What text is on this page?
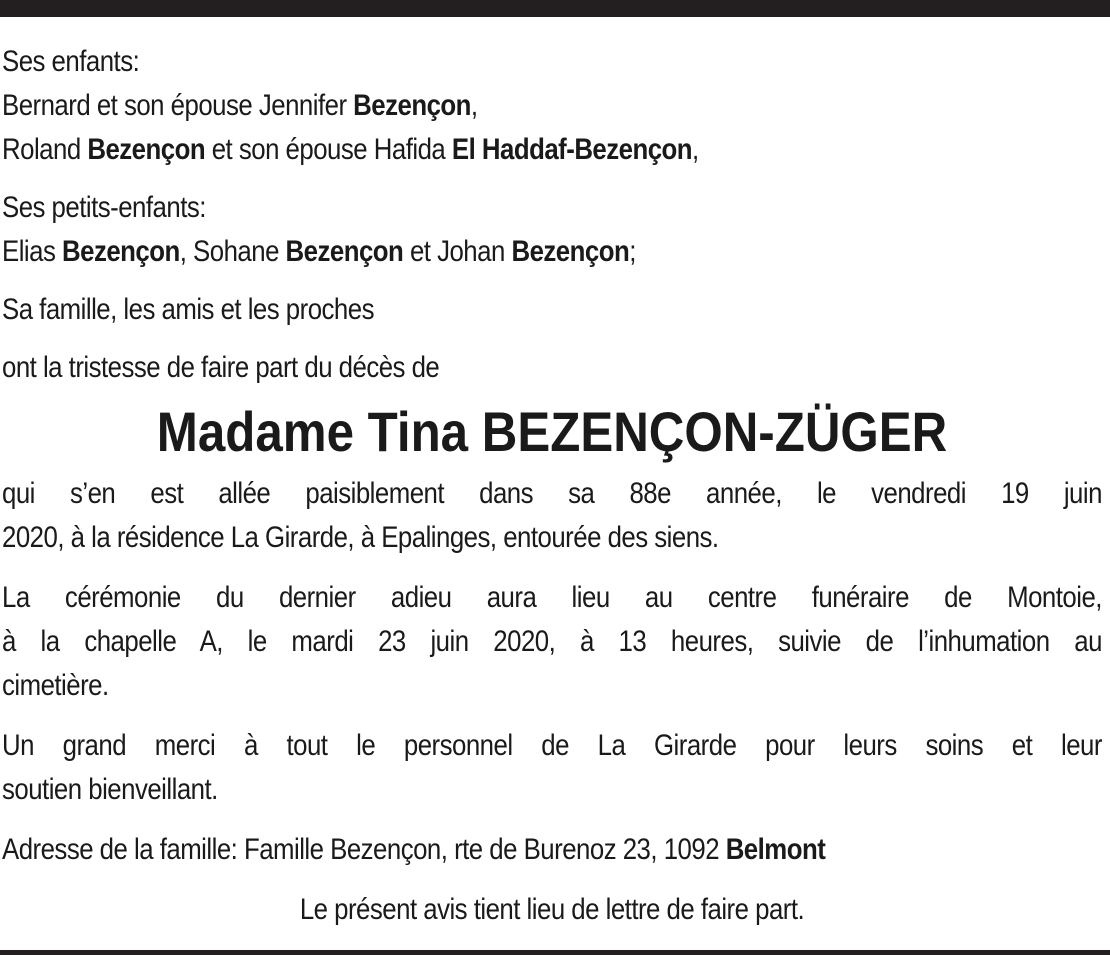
Ses enfants:
Bernard et son épouse Jennifer Bezençon,
Roland Bezençon et son épouse Hafida El Haddaf-Bezençon,
Ses petits-enfants:
Elias Bezençon, Sohane Bezençon et Johan Bezençon;
Sa famille, les amis et les proches
ont la tristesse de faire part du décès de
Madame Tina BEZENÇON-ZÜGER
qui s’en est allée paisiblement dans sa 88e année, le vendredi 19 juin
2020, à la résidence La Girarde, à Epalinges, entourée des siens.
La cérémonie du dernier adieu aura lieu au centre funéraire de Montoie,
à la chapelle A, le mardi 23 juin 2020, à 13 heures, suivie de l’inhumation au
cimetière.
Un grand merci à tout le personnel de La Girarde pour leurs soins et leur
soutien bienveillant.
Adresse de la famille: Famille Bezençon, rte de Burenoz 23, 1092 Belmont
Le présent avis tient lieu de lettre de faire part.
